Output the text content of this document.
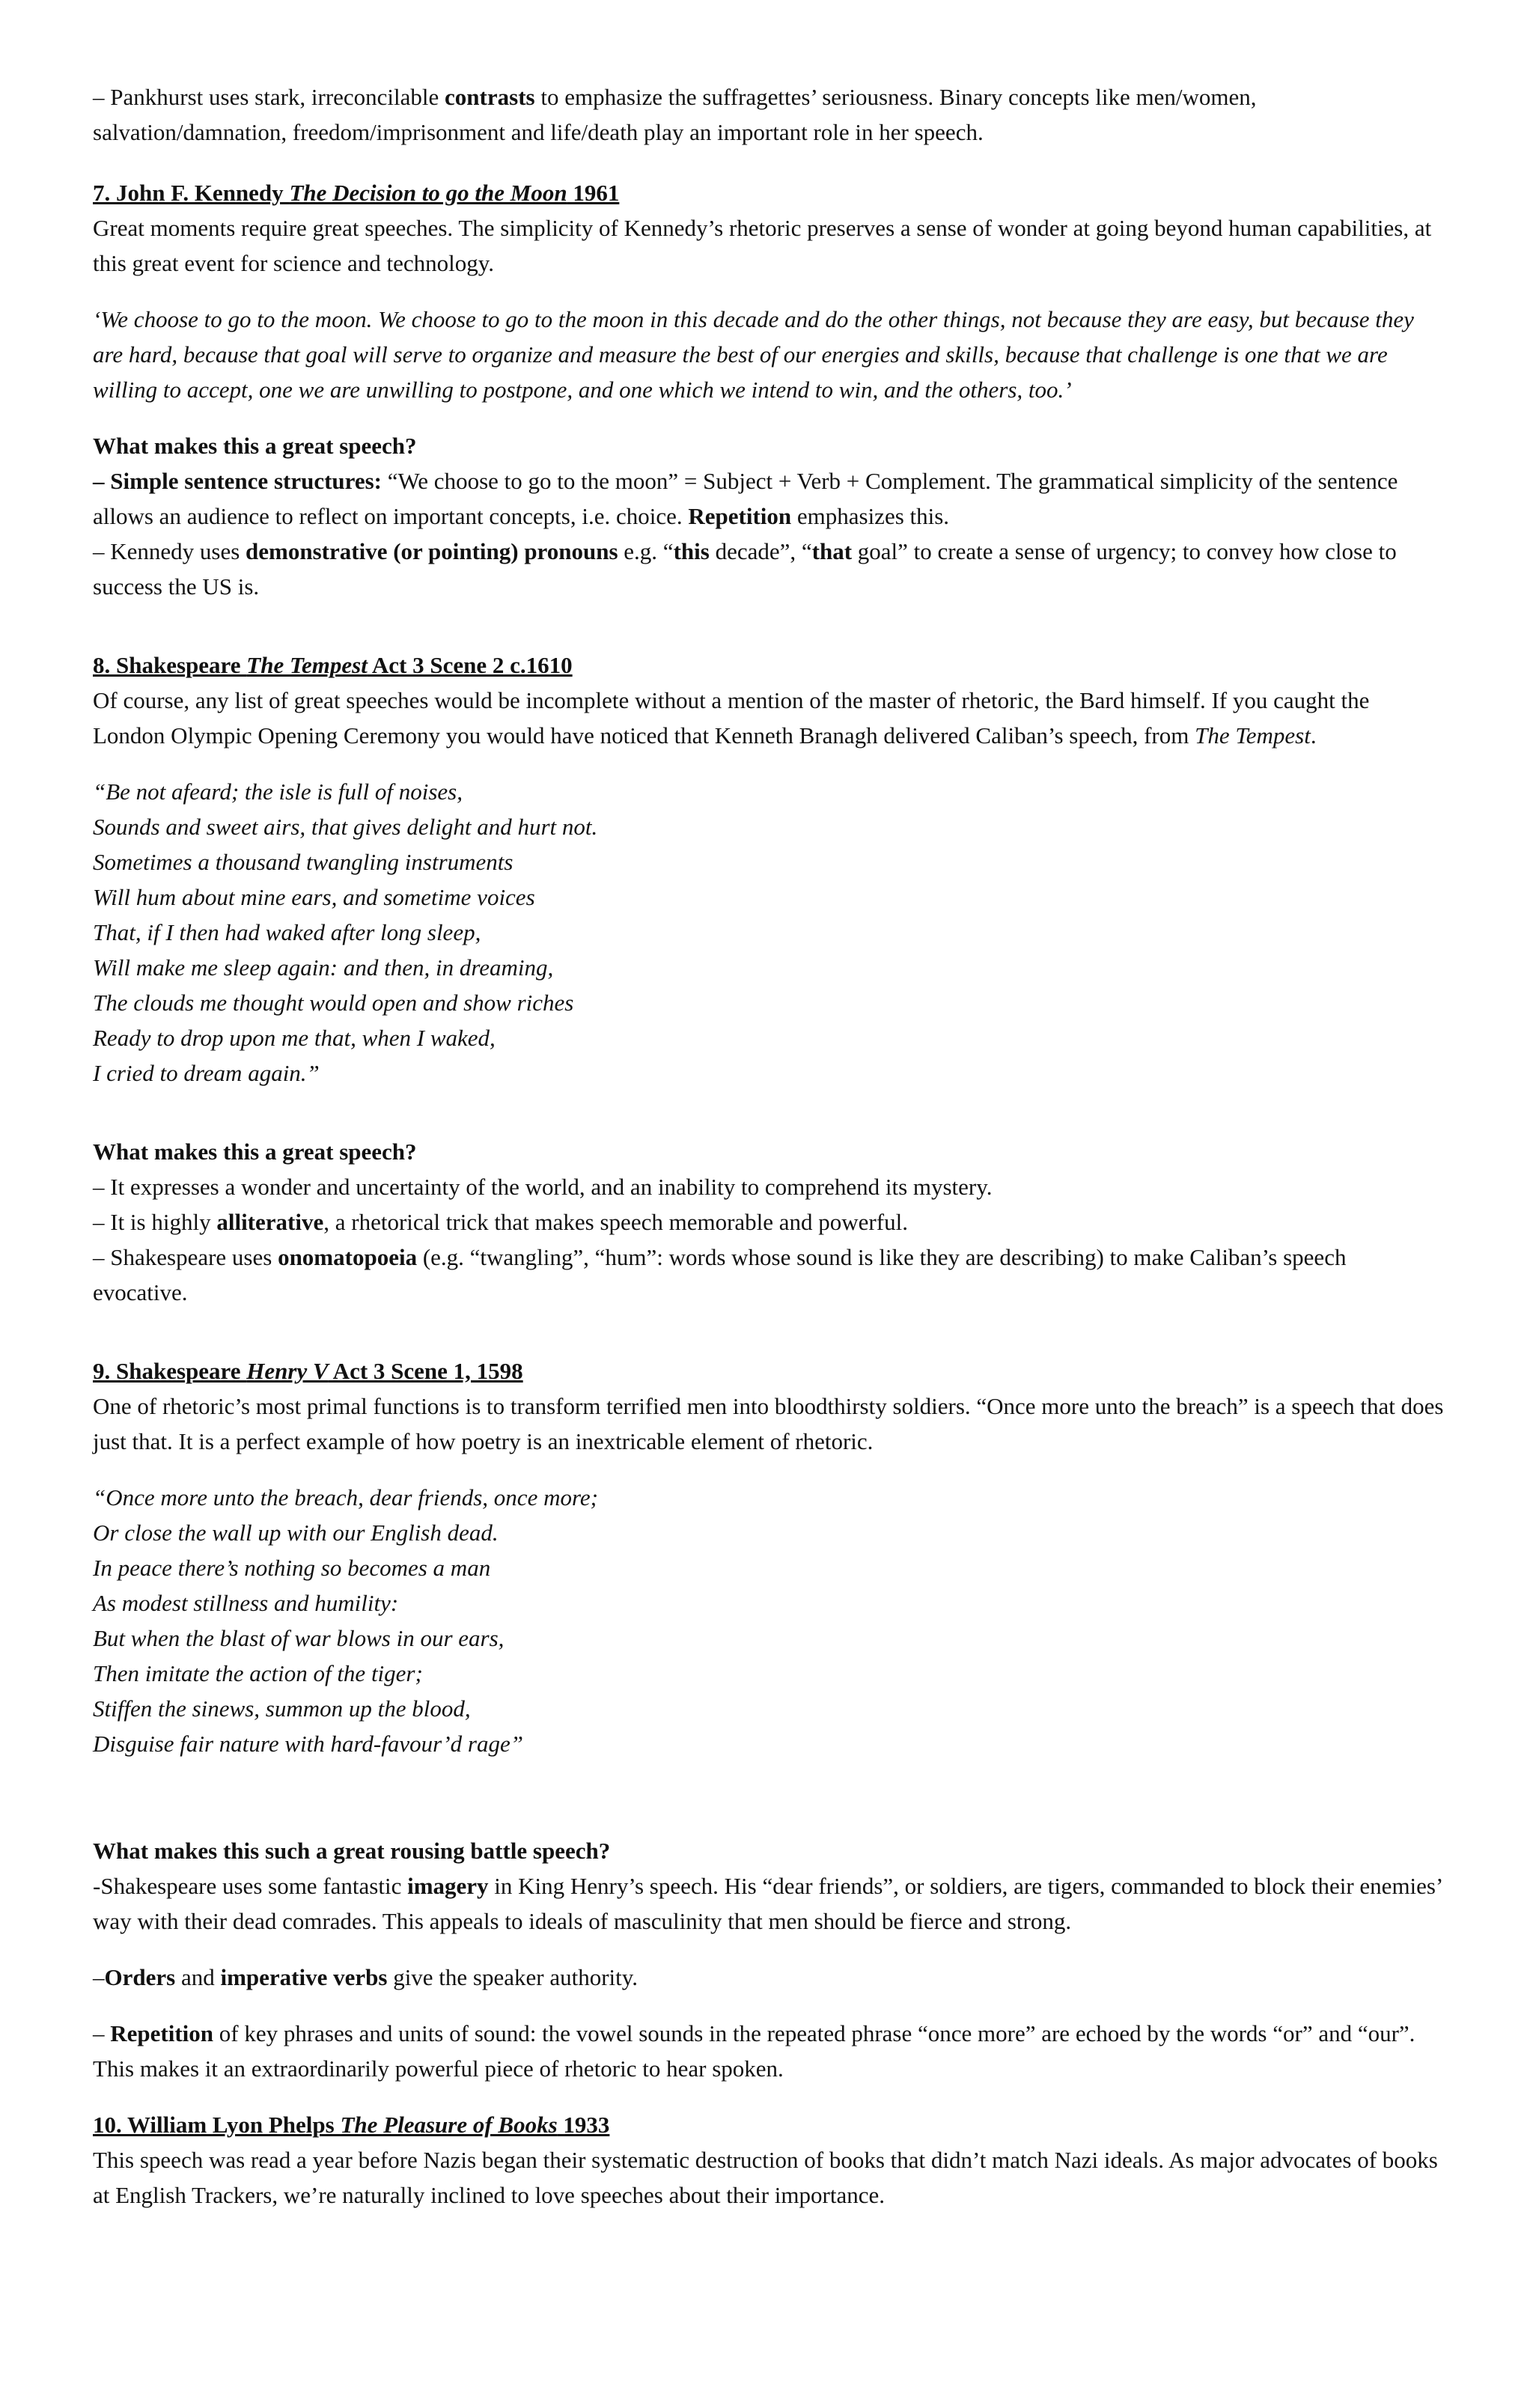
– Pankhurst uses stark, irreconcilable contrasts to emphasize the suffragettes’ seriousness. Binary concepts like men/women, salvation/damnation, freedom/imprisonment and life/death play an important role in her speech.

7. John F. Kennedy The Decision to go the Moon 1961

Great moments require great speeches. The simplicity of Kennedy’s rhetoric preserves a sense of wonder at going beyond human capabilities, at this great event for science and technology.

‘We choose to go to the moon. We choose to go to the moon in this decade and do the other things, not because they are easy, but because they are hard, because that goal will serve to organize and measure the best of our energies and skills, because that challenge is one that we are willing to accept, one we are unwilling to postpone, and one which we intend to win, and the others, too.’

What makes this a great speech?

– Simple sentence structures: “We choose to go to the moon” = Subject + Verb + Complement. The grammatical simplicity of the sentence allows an audience to reflect on important concepts, i.e. choice. Repetition emphasizes this.

– Kennedy uses demonstrative (or pointing) pronouns e.g. “this decade”, “that goal” to create a sense of urgency; to convey how close to success the US is.

8. Shakespeare The Tempest Act 3 Scene 2 c.1610

Of course, any list of great speeches would be incomplete without a mention of the master of rhetoric, the Bard himself. If you caught the London Olympic Opening Ceremony you would have noticed that Kenneth Branagh delivered Caliban’s speech, from The Tempest.

“Be not afeard; the isle is full of noises,

Sounds and sweet airs, that gives delight and hurt not.

Sometimes a thousand twangling instruments

Will hum about mine ears, and sometime voices

That, if I then had waked after long sleep,

Will make me sleep again: and then, in dreaming,

The clouds me thought would open and show riches

Ready to drop upon me that, when I waked,

I cried to dream again.”

What makes this a great speech?

– It expresses a wonder and uncertainty of the world, and an inability to comprehend its mystery.

– It is highly alliterative, a rhetorical trick that makes speech memorable and powerful.

– Shakespeare uses onomatopoeia (e.g. “twangling”, “hum”: words whose sound is like they are describing) to make Caliban’s speech evocative.

9. Shakespeare Henry V Act 3 Scene 1, 1598

One of rhetoric’s most primal functions is to transform terrified men into bloodthirsty soldiers. “Once more unto the breach” is a speech that does just that. It is a perfect example of how poetry is an inextricable element of rhetoric.

“Once more unto the breach, dear friends, once more;

Or close the wall up with our English dead.

In peace there’s nothing so becomes a man

As modest stillness and humility:

But when the blast of war blows in our ears,

Then imitate the action of the tiger;

Stiffen the sinews, summon up the blood,

Disguise fair nature with hard-favour’d rage”

What makes this such a great rousing battle speech?

-Shakespeare uses some fantastic imagery in King Henry’s speech. His “dear friends”, or soldiers, are tigers, commanded to block their enemies’ way with their dead comrades. This appeals to ideals of masculinity that men should be fierce and strong.

–Orders and imperative verbs give the speaker authority.

– Repetition of key phrases and units of sound: the vowel sounds in the repeated phrase “once more” are echoed by the words “or” and “our”. This makes it an extraordinarily powerful piece of rhetoric to hear spoken.

10. William Lyon Phelps The Pleasure of Books 1933

This speech was read a year before Nazis began their systematic destruction of books that didn’t match Nazi ideals. As major advocates of books at English Trackers, we’re naturally inclined to love speeches about their importance.
